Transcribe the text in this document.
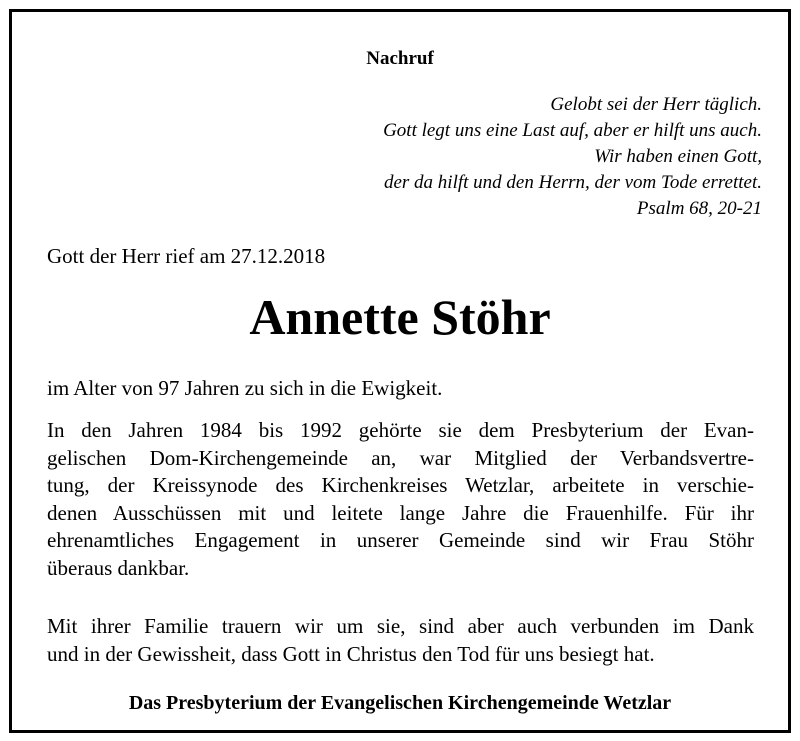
Nachruf
Gelobt sei der Herr täglich.
Gott legt uns eine Last auf, aber er hilft uns auch.
Wir haben einen Gott,
der da hilft und den Herrn, der vom Tode errettet.
Psalm 68, 20-21
Gott der Herr rief am 27.12.2018
Annette Stöhr
im Alter von 97 Jahren zu sich in die Ewigkeit.
In den Jahren 1984 bis 1992 gehörte sie dem Presbyterium der Evan-
gelischen Dom-Kirchengemeinde an, war Mitglied der Verbandsvertre-
tung, der Kreissynode des Kirchenkreises Wetzlar, arbeitete in verschie-
denen Ausschüssen mit und leitete lange Jahre die Frauenhilfe. Für ihr
ehrenamtliches Engagement in unserer Gemeinde sind wir Frau Stöhr
überaus dankbar.
Mit ihrer Familie trauern wir um sie, sind aber auch verbunden im Dank
und in der Gewissheit, dass Gott in Christus den Tod für uns besiegt hat.
Das Presbyterium der Evangelischen Kirchengemeinde Wetzlar
